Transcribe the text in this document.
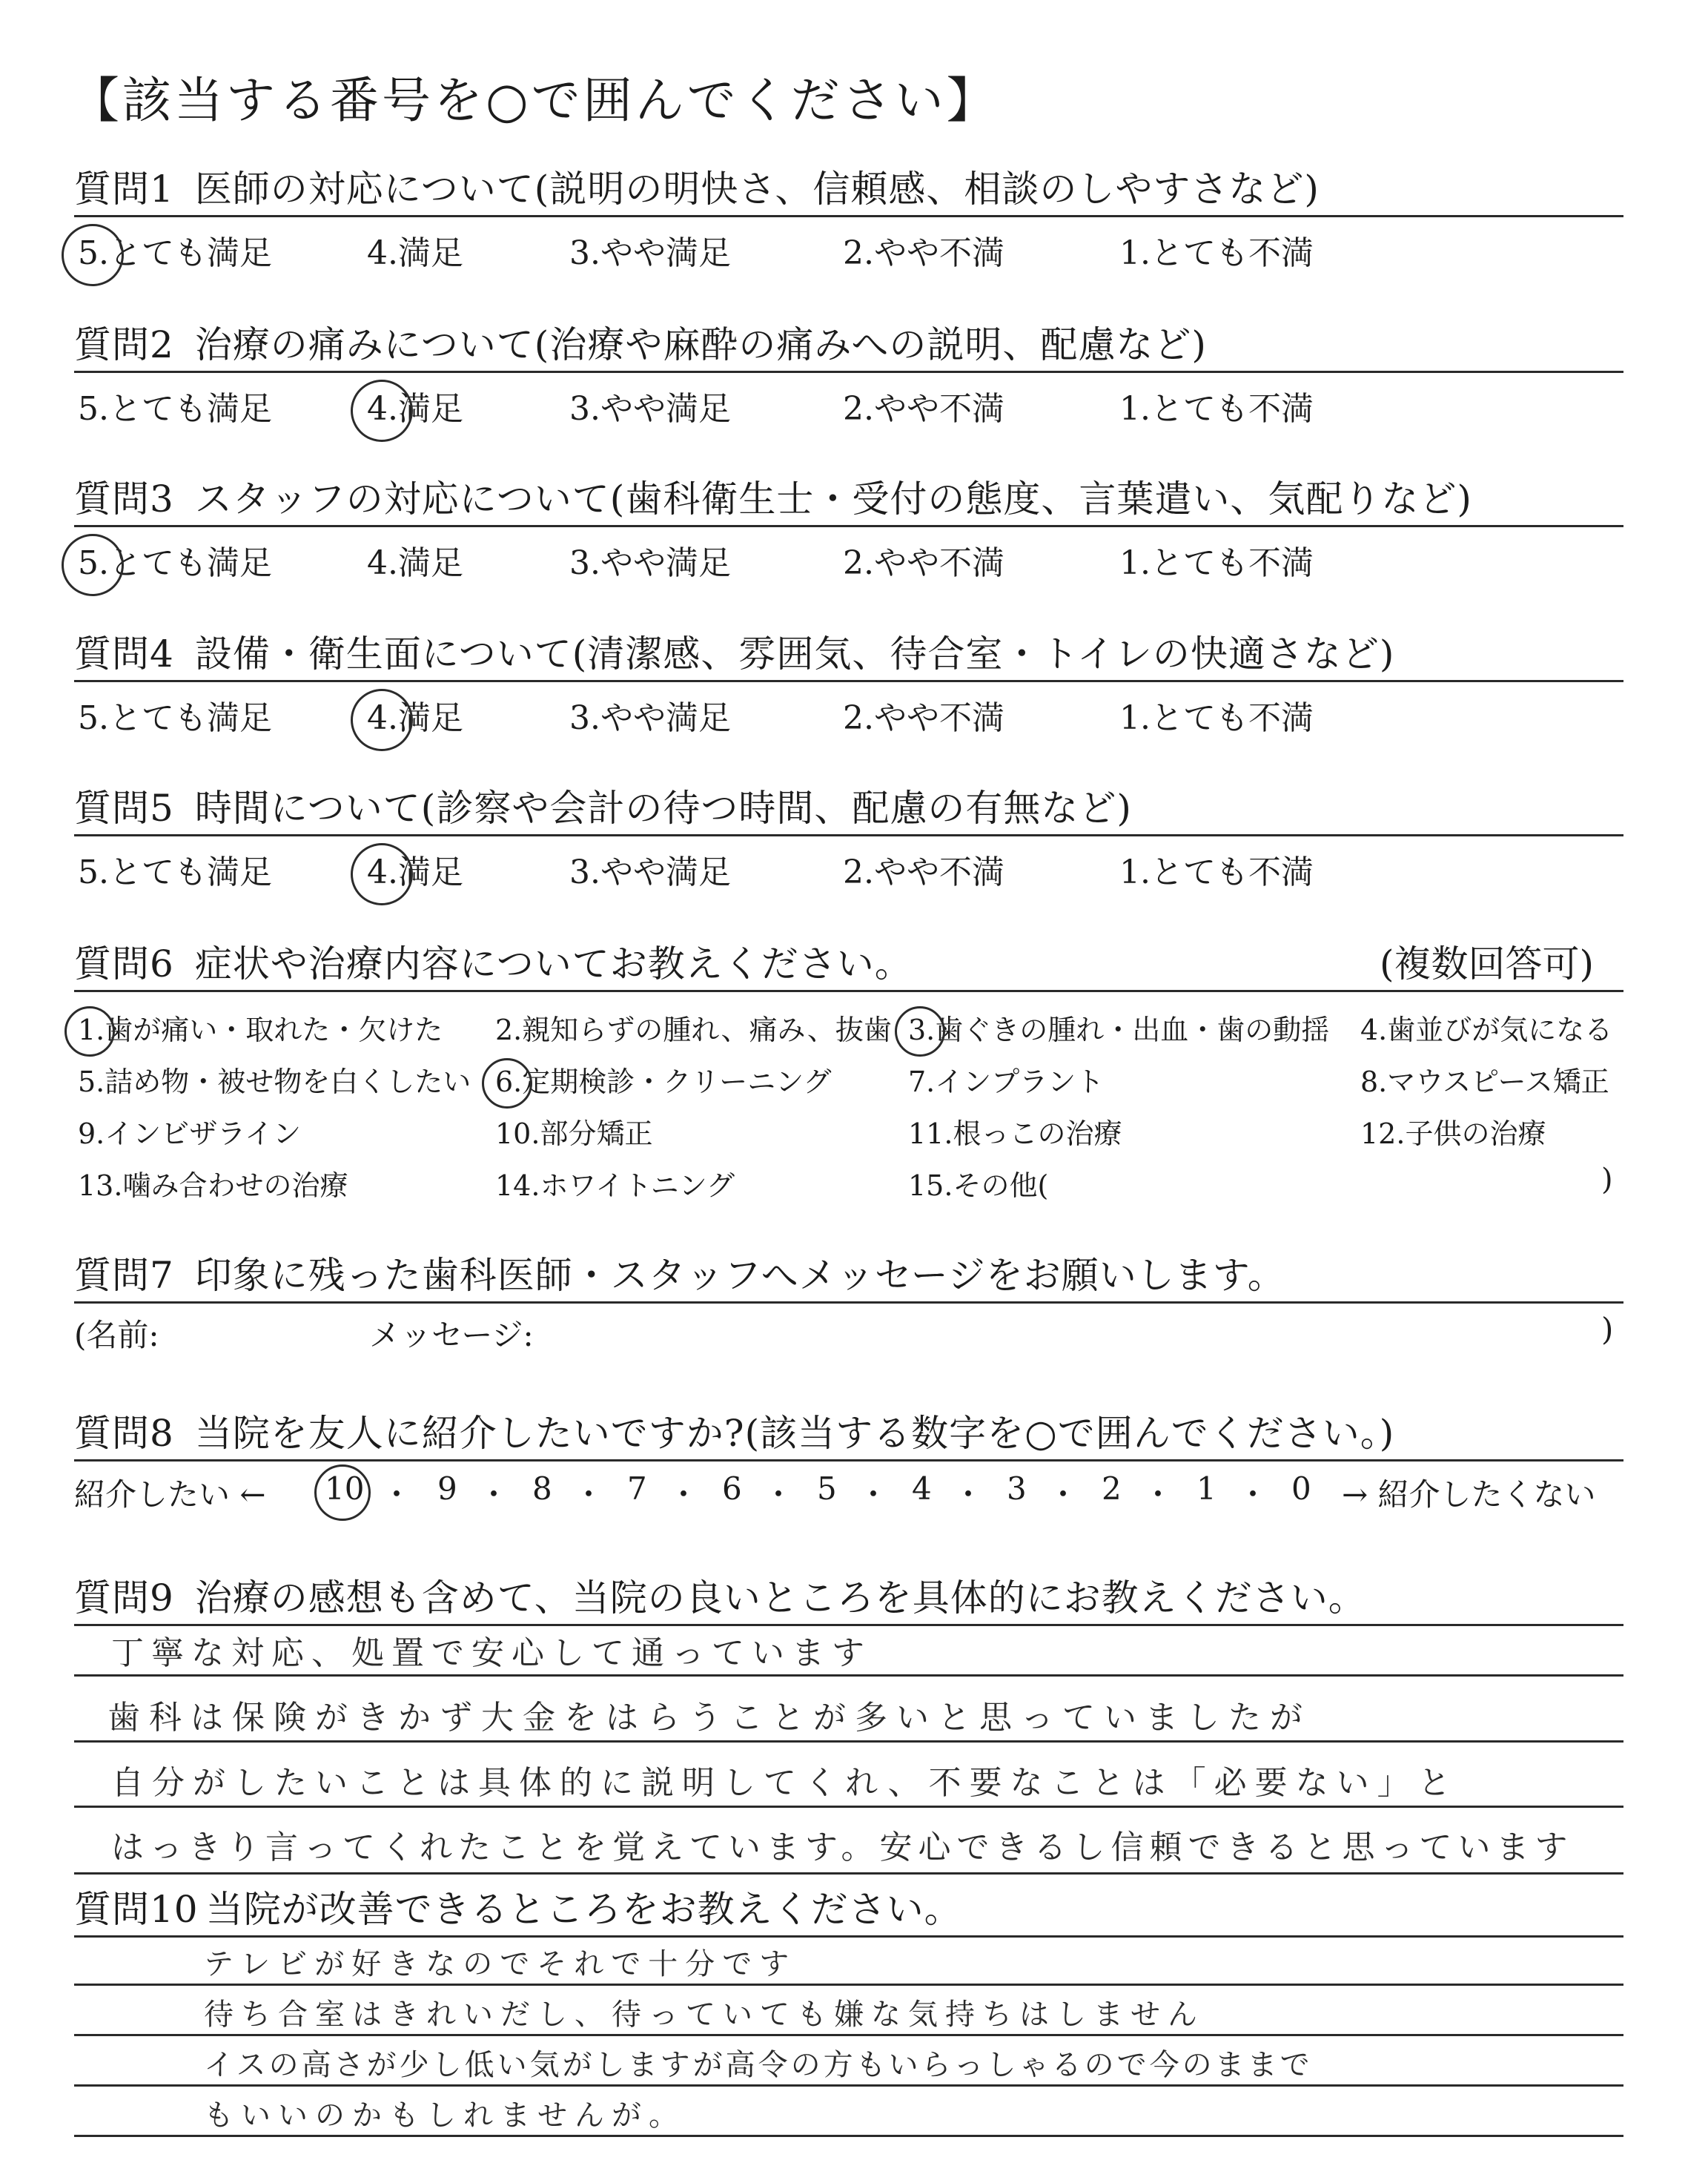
【該当する番号を○で囲んでください】
質問1 医師の対応について(説明の明快さ、信頼感、相談のしやすさなど)
5.とても満足	4.満足	3.やや満足	2.やや不満	1.とても不満
質問2 治療の痛みについて(治療や麻酔の痛みへの説明、配慮など)
5.とても満足	4.満足	3.やや満足	2.やや不満	1.とても不満
質問3 スタッフの対応について(歯科衛生士・受付の態度、言葉遣い、気配りなど)
5.とても満足	4.満足	3.やや満足	2.やや不満	1.とても不満
質問4 設備・衛生面について(清潔感、雰囲気、待合室・トイレの快適さなど)
5.とても満足	4.満足	3.やや満足	2.やや不満	1.とても不満
質問5 時間について(診察や会計の待つ時間、配慮の有無など)
5.とても満足	4.満足	3.やや満足	2.やや不満	1.とても不満
質問6 症状や治療内容についてお教えください。	(複数回答可)
1.歯が痛い・取れた・欠けた 2.親知らずの腫れ、痛み、抜歯 3.歯ぐきの腫れ・出血・歯の動揺 4.歯並びが気になる
5.詰め物・被せ物を白くしたい 6.定期検診・クリーニング	7.インプラント	8.マウスピース矯正
9.インビザライン	10.部分矯正	11.根っこの治療	12.子供の治療
13.噛み合わせの治療	14.ホワイトニング	15.その他(	)
質問7 印象に残った歯科医師・スタッフへメッセージをお願いします。
(名前:	メッセージ:	)
質問8 当院を友人に紹介したいですか?(該当する数字を○で囲んでください。)
紹介したい ← 10 ・ 9 ・ 8 ・ 7 ・ 6 ・ 5 ・ 4 ・ 3 ・ 2 ・ 1 ・ 0 → 紹介したくない
質問9 治療の感想も含めて、当院の良いところを具体的にお教えください。
丁寧な対応、処置で安心して通っています
歯科は保険がきかず大金をはらうことが多いと思っていましたが
自分がしたいことは具体的に説明してくれ、不要なことは「必要ない」と
はっきり言ってくれたことを覚えています。安心できるし信頼できると思っています
質問10 当院が改善できるところをお教えください。
テレビが好きなのでそれで十分です
待ち合室はきれいだし、待っていても嫌な気持ちはしません
イスの高さが少し低い気がしますが高令の方もいらっしゃるので今のままで
もいいのかもしれませんが。
